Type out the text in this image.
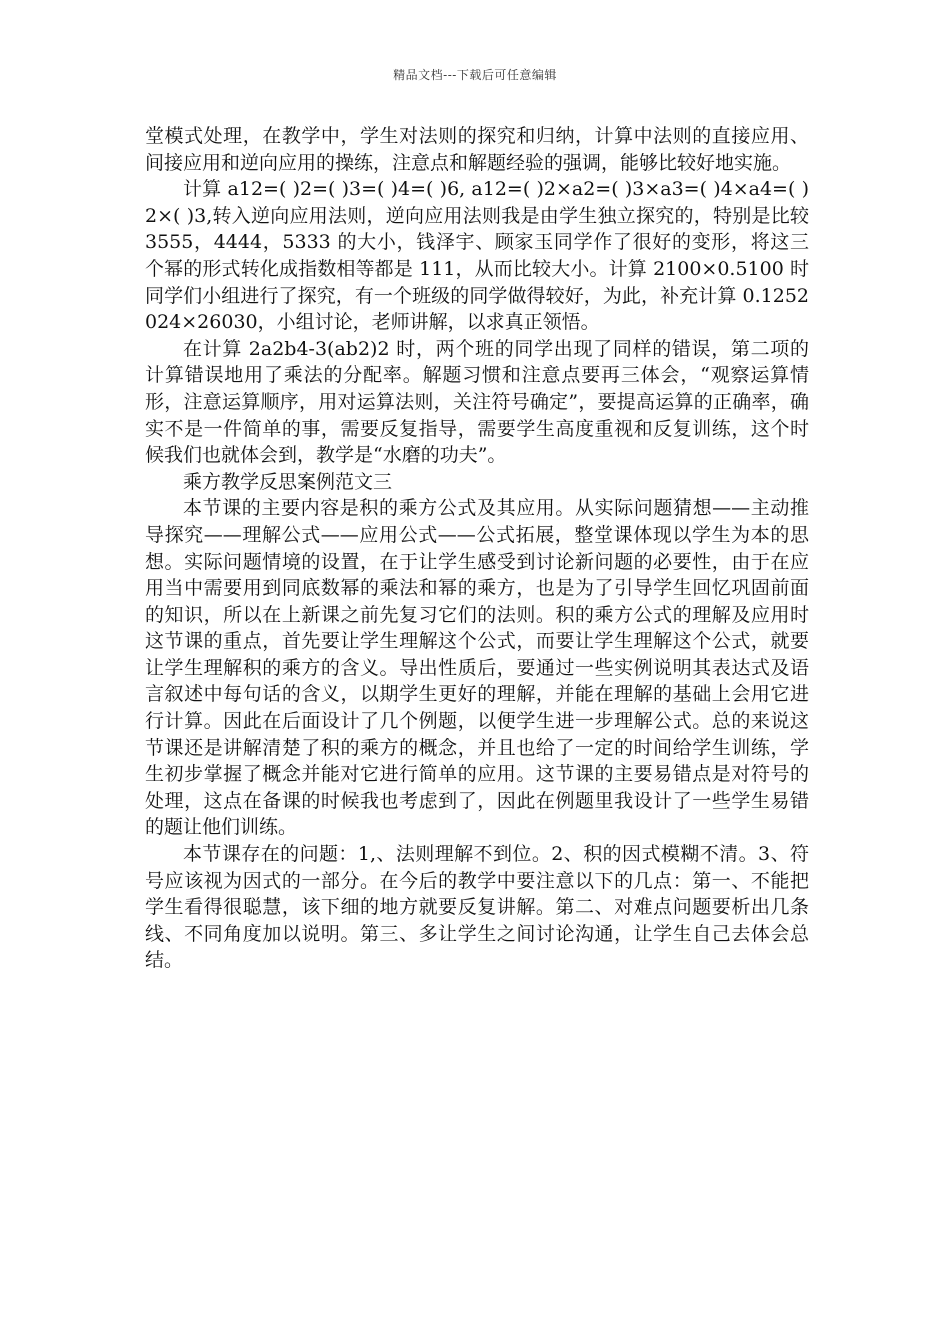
精品文档---下载后可任意编辑

堂模式处理，在教学中，学生对法则的探究和归纳，计算中法则的直接应用、间接应用和逆向应用的操练，注意点和解题经验的强调，能够比较好地实施。

计算 a12=( )2=( )3=( )4=( )6, a12=( )2×a2=( )3×a3=( )4×a4=( )2×( )3,转入逆向应用法则，逆向应用法则我是由学生独立探究的，特别是比较 3555，4444，5333 的大小，钱泽宇、顾家玉同学作了很好的变形，将这三个幂的形式转化成指数相等都是 111，从而比较大小。计算 2100×0.5100 时同学们小组进行了探究，有一个班级的同学做得较好，为此，补充计算 0.1252024×26030，小组讨论，老师讲解，以求真正领悟。

在计算 2a2b4-3(ab2)2 时，两个班的同学出现了同样的错误，第二项的计算错误地用了乘法的分配率。解题习惯和注意点要再三体会，“观察运算情形，注意运算顺序，用对运算法则，关注符号确定”，要提高运算的正确率，确实不是一件简单的事，需要反复指导，需要学生高度重视和反复训练，这个时候我们也就体会到，教学是“水磨的功夫”。

乘方教学反思案例范文三

本节课的主要内容是积的乘方公式及其应用。从实际问题猜想——主动推导探究——理解公式——应用公式——公式拓展，整堂课体现以学生为本的思想。实际问题情境的设置，在于让学生感受到讨论新问题的必要性，由于在应用当中需要用到同底数幂的乘法和幂的乘方，也是为了引导学生回忆巩固前面的知识，所以在上新课之前先复习它们的法则。积的乘方公式的理解及应用时这节课的重点，首先要让学生理解这个公式，而要让学生理解这个公式，就要让学生理解积的乘方的含义。导出性质后，要通过一些实例说明其表达式及语言叙述中每句话的含义，以期学生更好的理解，并能在理解的基础上会用它进行计算。因此在后面设计了几个例题，以便学生进一步理解公式。总的来说这节课还是讲解清楚了积的乘方的概念，并且也给了一定的时间给学生训练，学生初步掌握了概念并能对它进行简单的应用。这节课的主要易错点是对符号的处理，这点在备课的时候我也考虑到了，因此在例题里我设计了一些学生易错的题让他们训练。

本节课存在的问题：1,、法则理解不到位。2、积的因式模糊不清。3、符号应该视为因式的一部分。在今后的教学中要注意以下的几点：第一、不能把学生看得很聪慧，该下细的地方就要反复讲解。第二、对难点问题要析出几条线、不同角度加以说明。第三、多让学生之间讨论沟通，让学生自己去体会总结。
